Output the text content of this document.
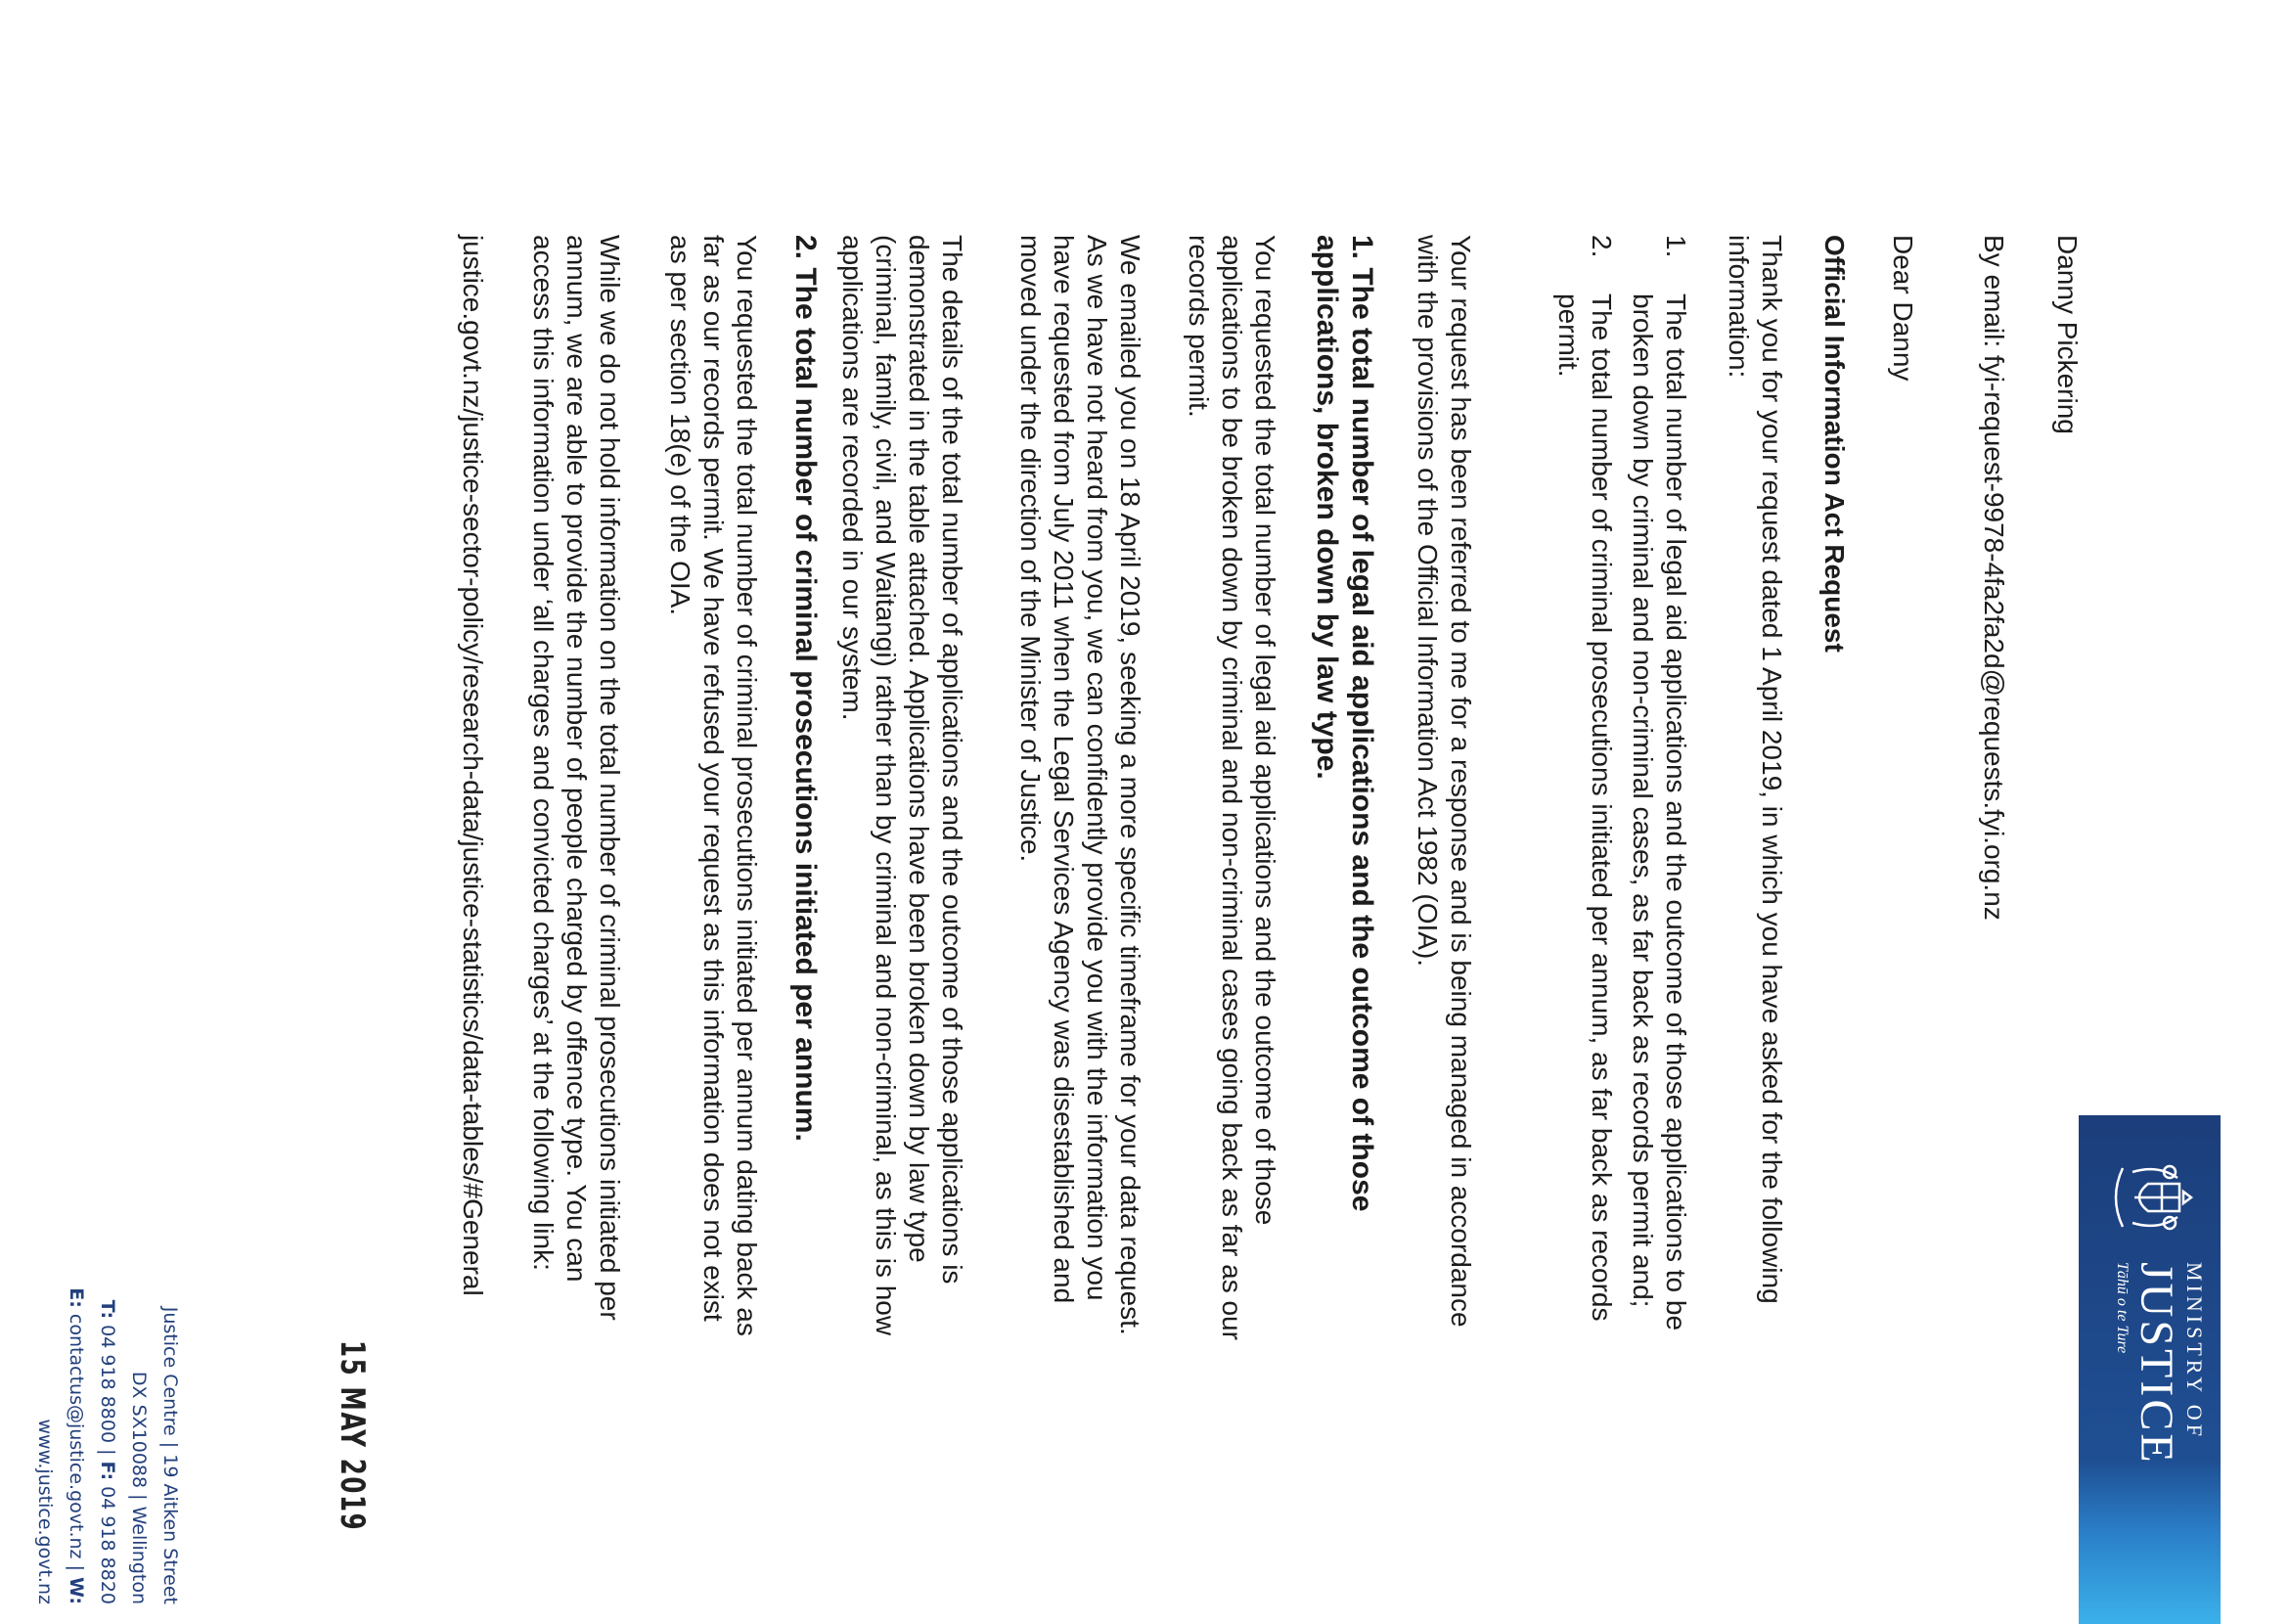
MINISTRY OF
JUSTICE
Tāhū o te Ture
Justice Centre | 19 Aitken Street
DX SX10088 | Wellington
T: 04 918 8800 | F: 04 918 8820
E: contactus@justice.govt.nz | W: www.justice.govt.nz	15 MAY 2019

Danny Pickering

By email: fyi-request-9978-4fa2fa2d@requests.fyi.org.nz

Dear Danny

Official Information Act Request

Thank you for your request dated 1 April 2019, in which you have asked for the following information:

1.
The total number of legal aid applications and the outcome of those applications to be broken down by criminal and non-criminal cases, as far back as records permit and;
2.
The total number of criminal prosecutions initiated per annum, as far back as records permit.

Your request has been referred to me for a response and is being managed in accordance with the provisions of the Official Information Act 1982 (OIA).

1. The total number of legal aid applications and the outcome of those applications, broken down by law type.

You requested the total number of legal aid applications and the outcome of those applications to be broken down by criminal and non-criminal cases going back as far as our records permit.

We emailed you on 18 April 2019, seeking a more specific timeframe for your data request. As we have not heard from you, we can confidently provide you with the information you have requested from July 2011 when the Legal Services Agency was disestablished and moved under the direction of the Minister of Justice.

The details of the total number of applications and the outcome of those applications is demonstrated in the table attached. Applications have been broken down by law type (criminal, family, civil, and Waitangi) rather than by criminal and non-criminal, as this is how applications are recorded in our system.

2. The total number of criminal prosecutions initiated per annum.

You requested the total number of criminal prosecutions initiated per annum dating back as far as our records permit. We have refused your request as this information does not exist as per section 18(e) of the OIA.

While we do not hold information on the total number of criminal prosecutions initiated per annum, we are able to provide the number of people charged by offence type. You can access this information under ‘all charges and convicted charges’ at the following link:

justice.govt.nz/justice-sector-policy/research-data/justice-statistics/data-tables/#General
